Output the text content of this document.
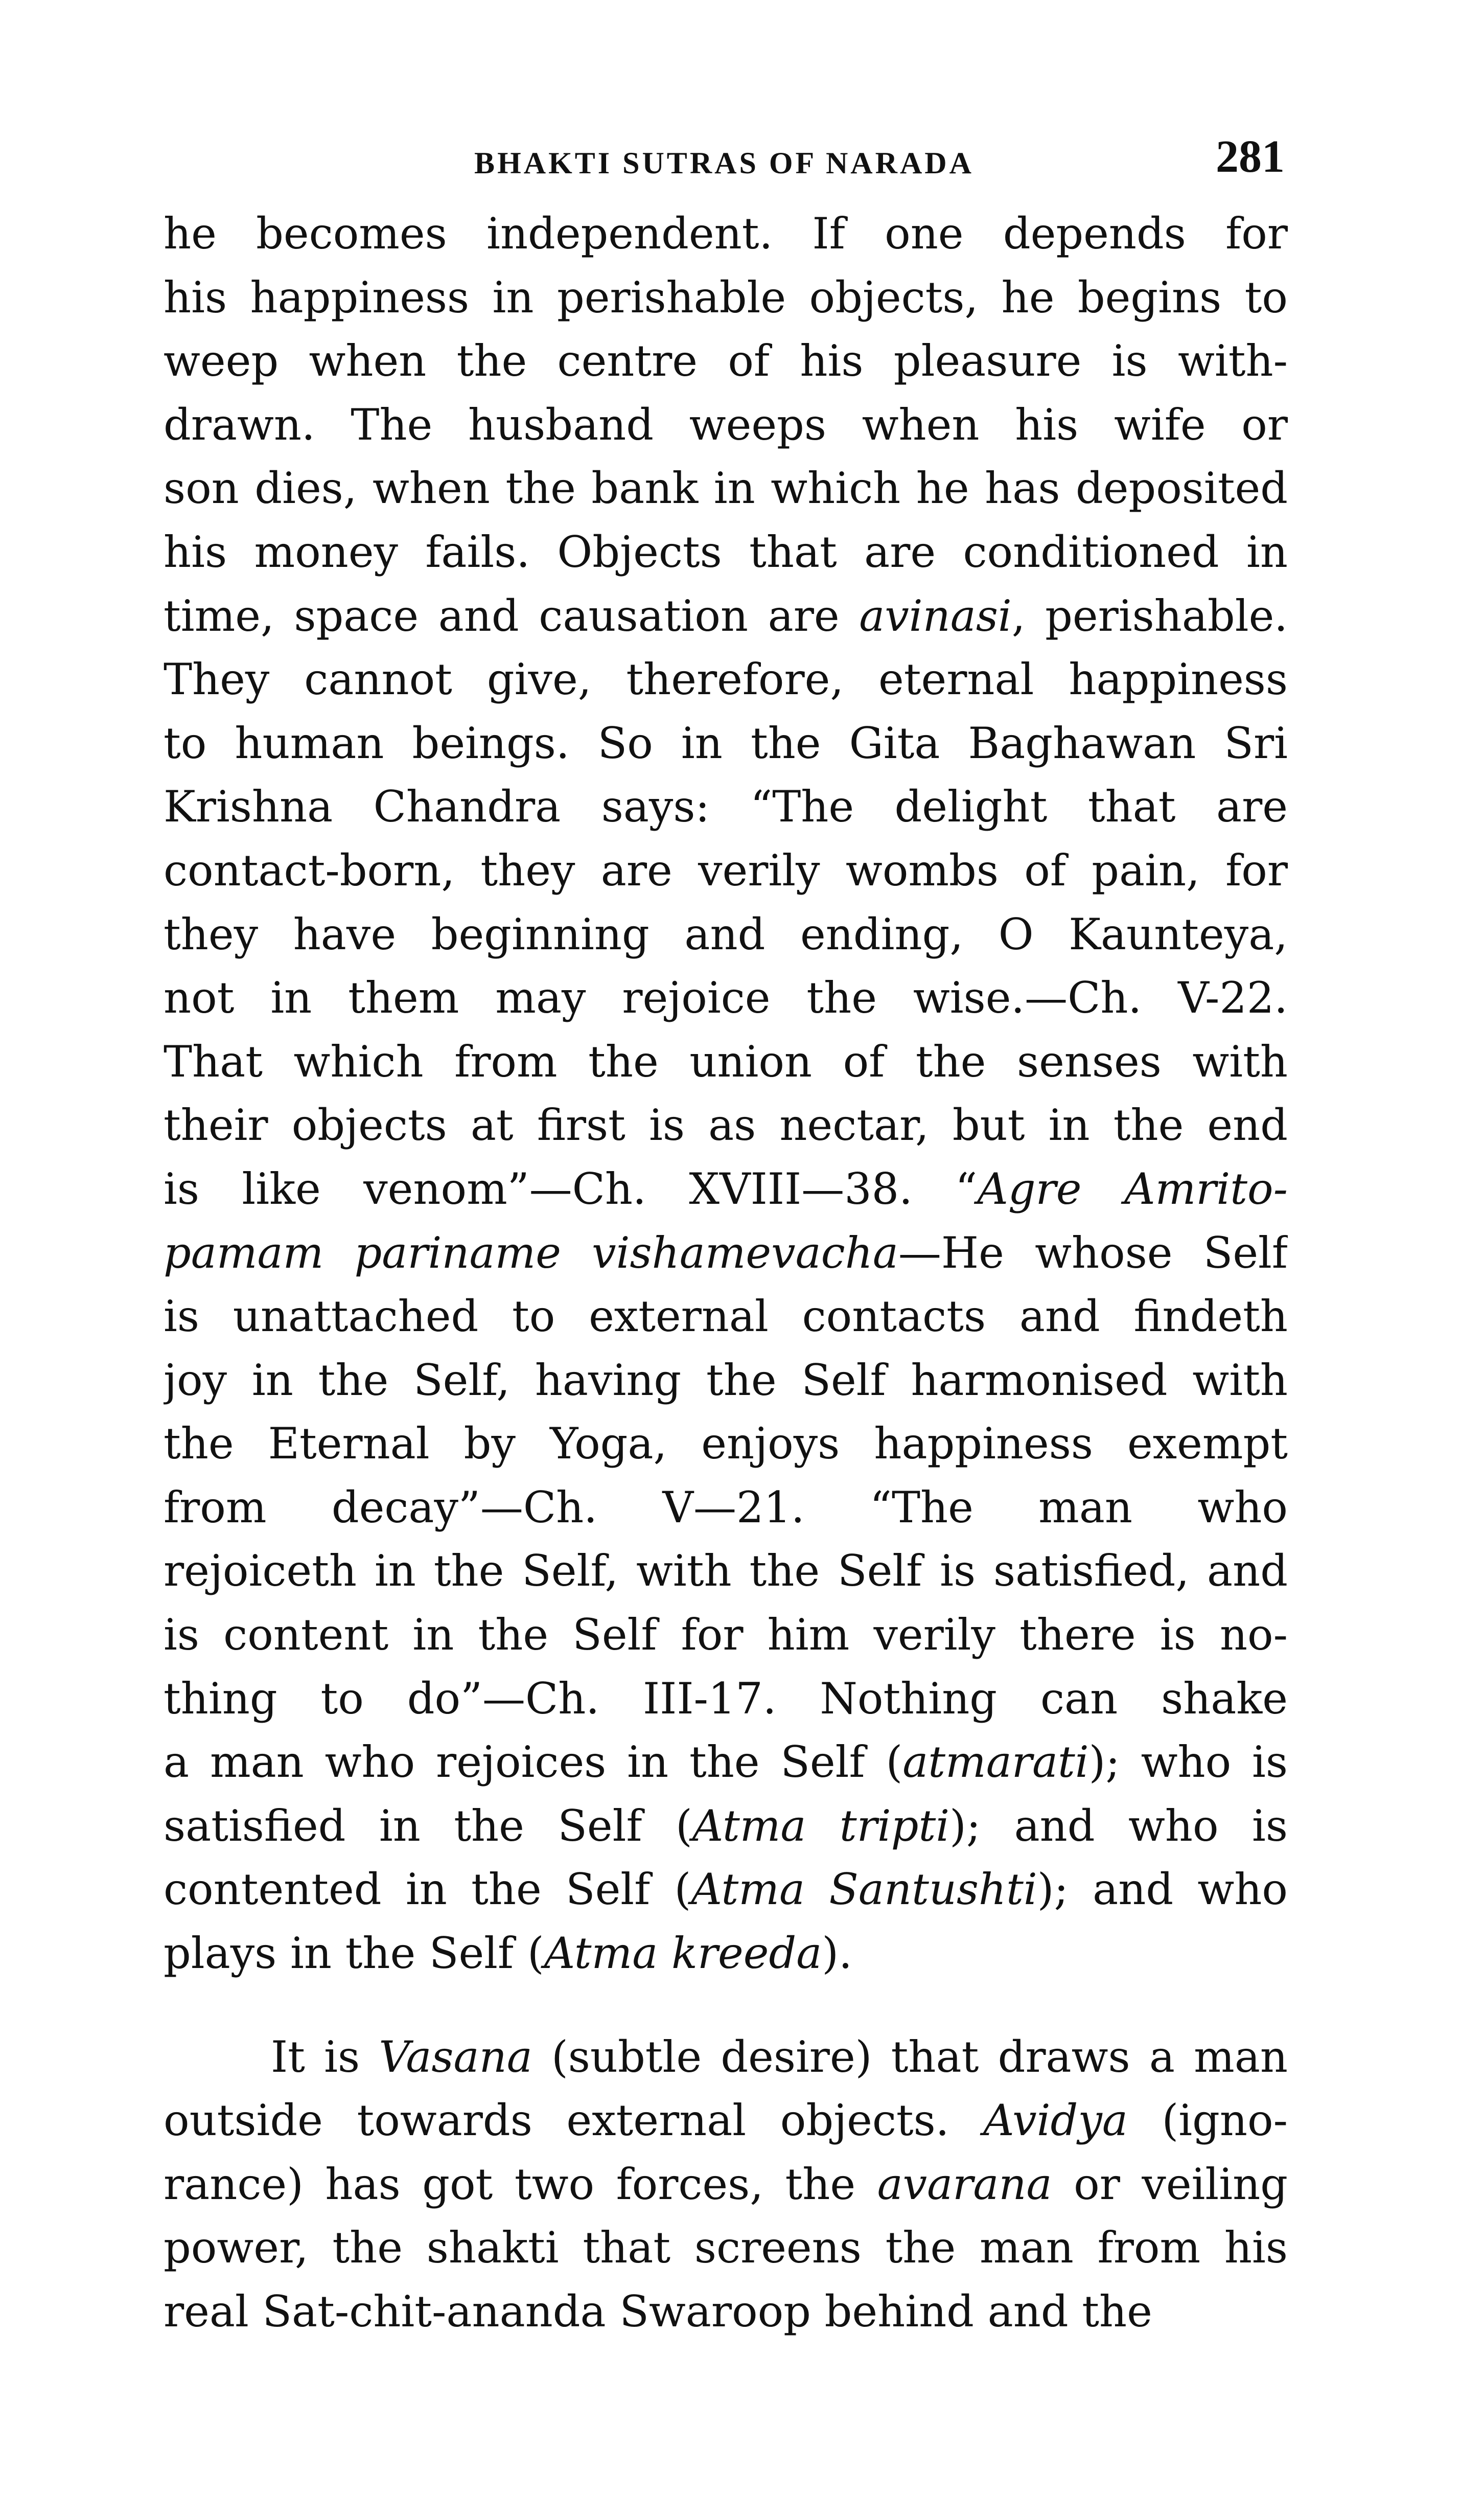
BHAKTI SUTRAS OF NARADA	281
he becomes independent. If one depends for
his happiness in perishable objects, he begins to
weep when the centre of his pleasure is with-
drawn. The husband weeps when his wife or
son dies, when the bank in which he has deposited
his money fails. Objects that are conditioned in
time, space and causation are avinasi, perishable.
They cannot give, therefore, eternal happiness
to human beings. So in the Gita Baghawan Sri
Krishna Chandra says: “The delight that are
contact-born, they are verily wombs of pain, for
they have beginning and ending, O Kaunteya,
not in them may rejoice the wise.—Ch. V-22.
That which from the union of the senses with
their objects at first is as nectar, but in the end
is like venom”—Ch. XVIII—38. “Agre Amrito-
pamam pariname vishamevacha—He whose Self
is unattached to external contacts and findeth
joy in the Self, having the Self harmonised with
the Eternal by Yoga, enjoys happiness exempt
from decay”—Ch. V—21. “The man who
rejoiceth in the Self, with the Self is satisfied, and
is content in the Self for him verily there is no-
thing to do”—Ch. III-17. Nothing can shake
a man who rejoices in the Self (atmarati); who is
satisfied in the Self (Atma tripti); and who is
contented in the Self (Atma Santushti); and who
plays in the Self (Atma kreeda).
It is Vasana (subtle desire) that draws a man
outside towards external objects. Avidya (igno-
rance) has got two forces, the avarana or veiling
power, the shakti that screens the man from his
real Sat-chit-ananda Swaroop behind and the
